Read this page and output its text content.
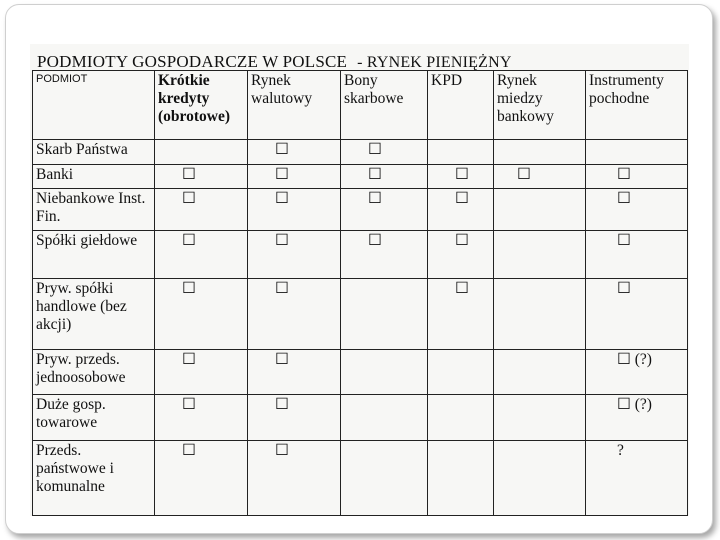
PODMIOTY GOSPODARCZE W POLSCE - RYNEK PIENIĘŻNY
PODMIOT	Krótkie kredyty (obrotowe)	Rynek walutowy	Bony skarbowe	KPD	Rynek miedzy bankowy	Instrumenty pochodne
Skarb Państwa		☐	☐			
Banki	☐	☐	☐	☐	☐	☐
Niebankowe Inst. Fin.	☐	☐	☐	☐		☐
Spółki giełdowe	☐	☐	☐	☐		☐
Pryw. spółki handlowe (bez akcji)	☐	☐		☐		☐
Pryw. przeds. jednoosobowe	☐	☐				☐ (?)
Duże gosp. towarowe	☐	☐				☐ (?)
Przeds. państwowe i komunalne	☐	☐				?
